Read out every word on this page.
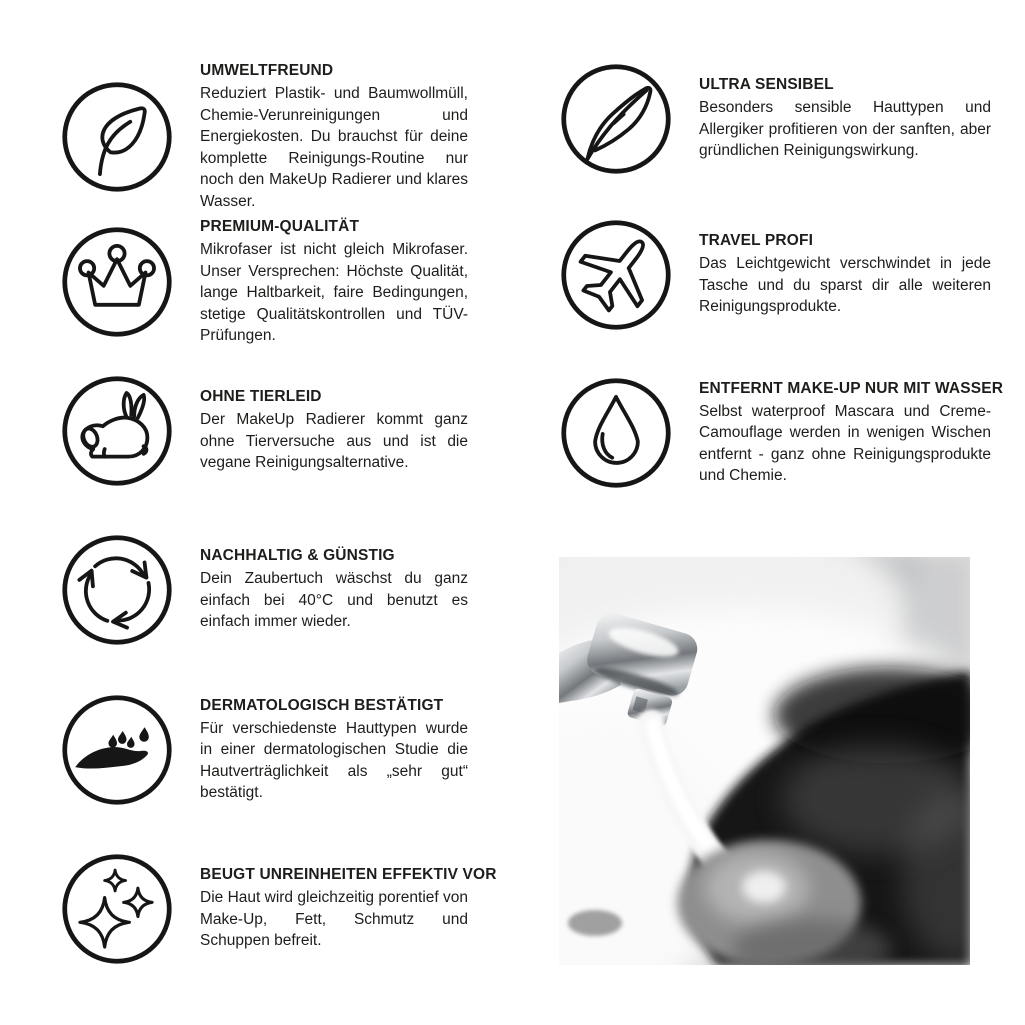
UMWELTFREUND

Reduziert Plastik- und Baumwollmüll, Chemie-Verunreinigungen und Energiekosten. Du brauchst für deine komplette Reinigungs-Routine nur noch den MakeUp Radierer und klares Wasser.

PREMIUM-QUALITÄT

Mikrofaser ist nicht gleich Mikrofaser. Unser Versprechen: Höchste Qualität, lange Haltbarkeit, faire Bedingungen, stetige Qualitätskontrollen und TÜV-Prüfungen.

OHNE TIERLEID

Der MakeUp Radierer kommt ganz ohne Tierversuche aus und ist die vegane Reinigungsalternative.

NACHHALTIG & GÜNSTIG

Dein Zaubertuch wäschst du ganz einfach bei 40°C und benutzt es einfach immer wieder.

DERMATOLOGISCH BESTÄTIGT

Für verschiedenste Hauttypen wurde in einer dermatologischen Studie die Hautverträglichkeit als „sehr gut“ bestätigt.

BEUGT UNREINHEITEN EFFEKTIV VOR

Die Haut wird gleichzeitig porentief von Make-Up, Fett, Schmutz und Schuppen befreit.

ULTRA SENSIBEL

Besonders sensible Hauttypen und Allergiker profitieren von der sanften, aber gründlichen Reinigungswirkung.

TRAVEL PROFI

Das Leichtgewicht verschwindet in jede Tasche und du sparst dir alle weiteren Reinigungsprodukte.

ENTFERNT MAKE-UP NUR MIT WASSER

Selbst waterproof Mascara und Creme-Camouflage werden in wenigen Wischen entfernt - ganz ohne Reinigungsprodukte und Chemie.
